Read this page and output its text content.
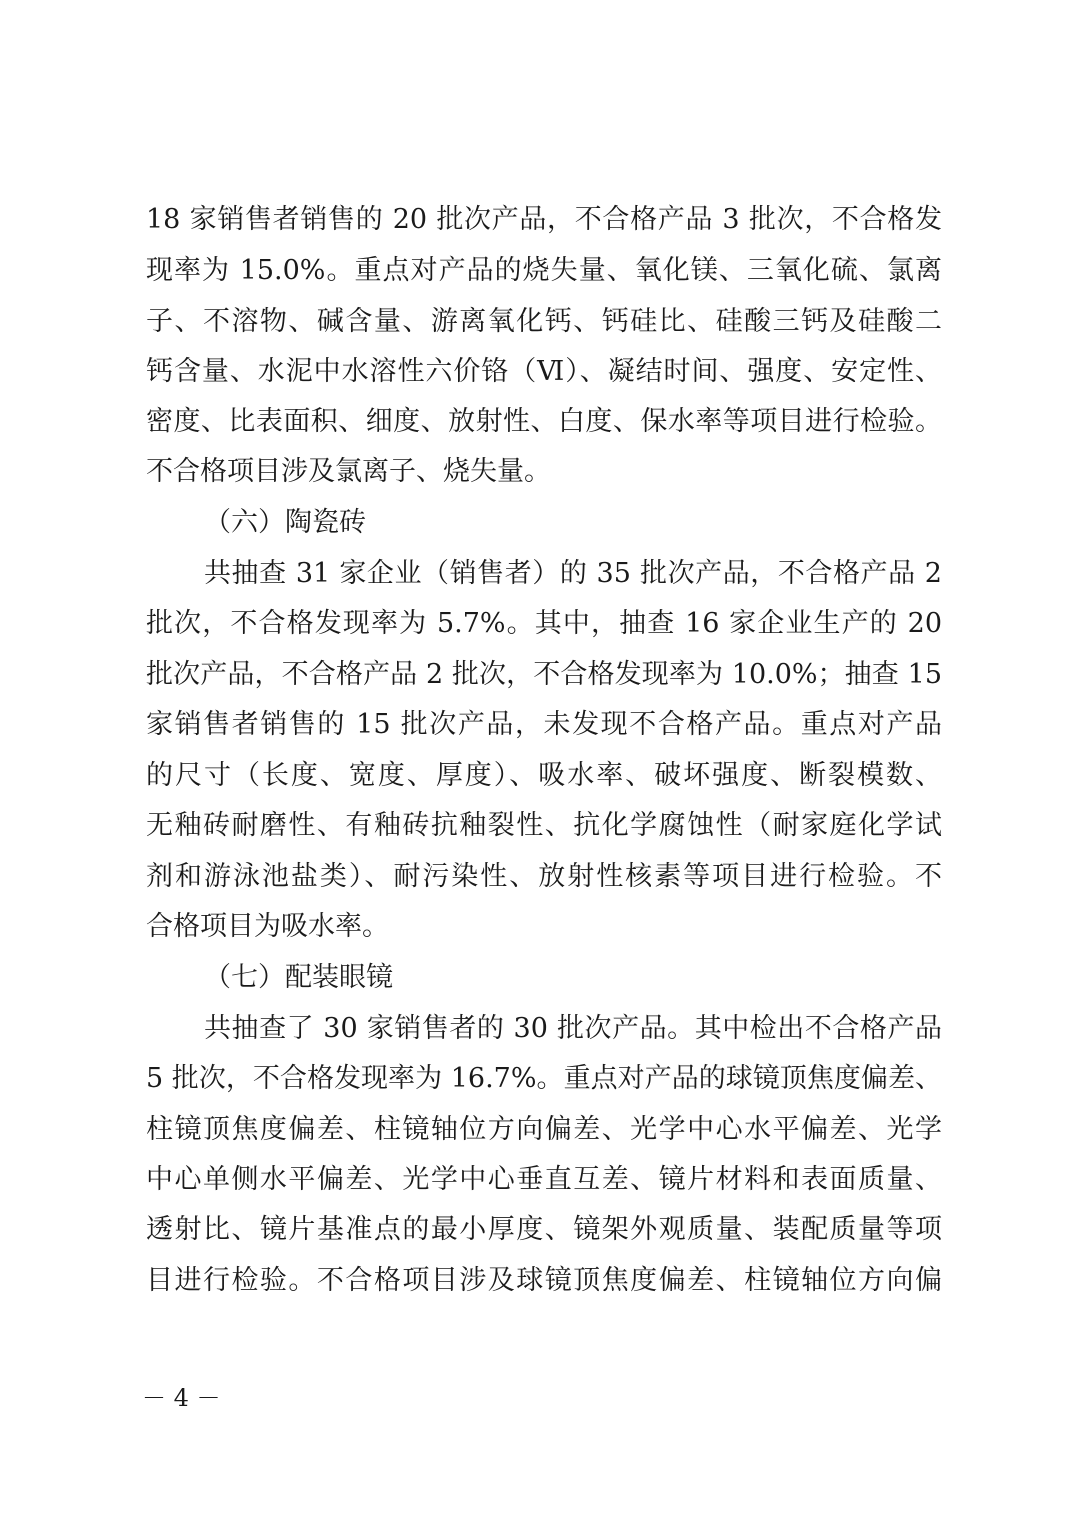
18 家销售者销售的 20 批次产品，不合格产品 3 批次，不合格发
现率为 15.0%。重点对产品的烧失量、氧化镁、三氧化硫、氯离
子、不溶物、碱含量、游离氧化钙、钙硅比、硅酸三钙及硅酸二
钙含量、水泥中水溶性六价铬（Ⅵ）、凝结时间、强度、安定性、
密度、比表面积、细度、放射性、白度、保水率等项目进行检验。
不合格项目涉及氯离子、烧失量。
（六）陶瓷砖
共抽查 31 家企业（销售者）的 35 批次产品，不合格产品 2
批次，不合格发现率为 5.7%。其中，抽查 16 家企业生产的 20
批次产品，不合格产品 2 批次，不合格发现率为 10.0%；抽查 15
家销售者销售的 15 批次产品，未发现不合格产品。重点对产品
的尺寸（长度、宽度、厚度）、吸水率、破坏强度、断裂模数、
无釉砖耐磨性、有釉砖抗釉裂性、抗化学腐蚀性（耐家庭化学试
剂和游泳池盐类）、耐污染性、放射性核素等项目进行检验。不
合格项目为吸水率。
（七）配装眼镜
共抽查了 30 家销售者的 30 批次产品。其中检出不合格产品
5 批次，不合格发现率为 16.7%。重点对产品的球镜顶焦度偏差、
柱镜顶焦度偏差、柱镜轴位方向偏差、光学中心水平偏差、光学
中心单侧水平偏差、光学中心垂直互差、镜片材料和表面质量、
透射比、镜片基准点的最小厚度、镜架外观质量、装配质量等项
目进行检验。不合格项目涉及球镜顶焦度偏差、柱镜轴位方向偏
－ 4 －
